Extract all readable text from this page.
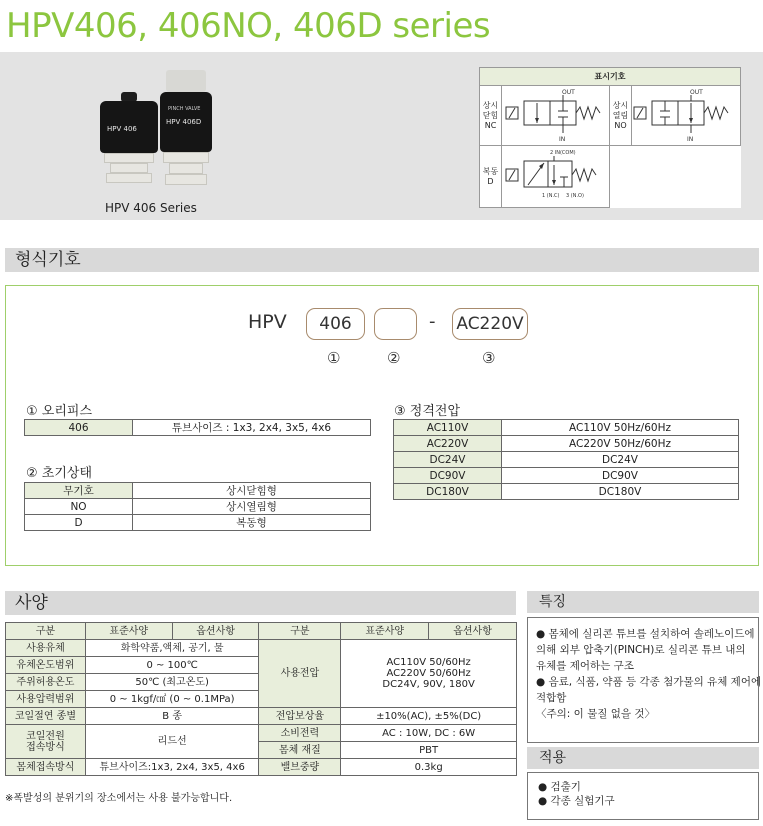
HPV406, 406NO, 406D series
HPV 406
PINCH VALVE
HPV 406D
HPV 406 Series
표시기호			
상시
닫힘
NC	OUT
IN	상시
열림
NO	OUT
IN

복동
D	2 IN(COM)
1 (N.C) 3 (N.O)		

형식기호
HPV	406	- AC220V
①	②	③
① 오리피스
406	튜브사이즈 : 1x3, 2x4, 3x5, 4x6
② 초기상태
무기호	상시닫힘형
NO	상시열림형
D	복동형
③ 정격전압
AC110V	AC110V 50Hz/60Hz
AC220V	AC220V 50Hz/60Hz
DC24V	DC24V
DC90V	DC90V
DC180V	DC180V
사양
구분	표준사양	옵션사항	구분	표준사양	옵션사항
사용유체	화학약품,액체, 공기, 물		사용전압	AC110V 50/60Hz
AC220V 50/60Hz
DC24V, 90V, 180V	
유체온도범위	0 ~ 100℃				
주위허용온도	50℃ (최고온도)				
사용압력범위	0 ~ 1kgf/㎠ (0 ~ 0.1MPa)				
코일절연 종별	B 종		전압보상율	±10%(AC), ±5%(DC)	
코일전원
접속방식	리드선		소비전력	AC : 10W, DC : 6W	
			몸체 재질	PBT	
몸체접속방식	튜브사이즈:1x3, 2x4, 3x5, 4x6		밸브중량	0.3kg	
※폭발성의 분위기의 장소에서는 사용 불가능합니다.
특징
● 몸체에 실리콘 튜브를 설치하여 솔레노이드에
의해 외부 압축기(PINCH)로 실리콘 튜브 내의
유체를 제어하는 구조
● 음료, 식품, 약품 등 각종 첨가물의 유체 제어에
적합함
〈주의: 이 물질 없을 것〉
적용
● 검출기
● 각종 실험기구
